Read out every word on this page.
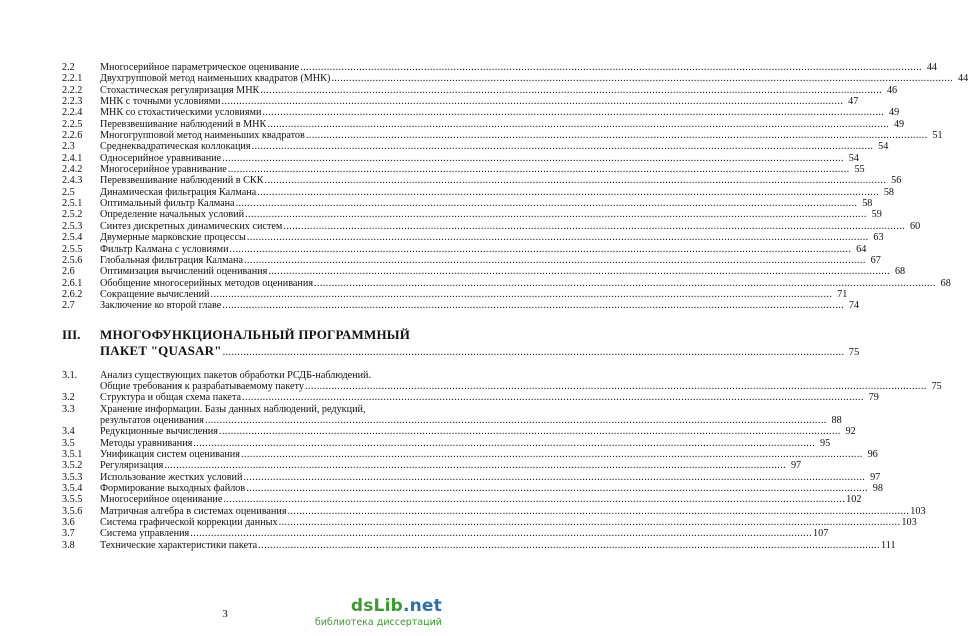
2.2	Многосерийное параметрическое оценивание .....	44
2.2.1	Двухгрупповой метод наименьших квадратов (МНК) .....	44
2.2.2	Стохастическая регуляризация МНК .....	46
2.2.3	МНК с точными условиями .....	47
2.2.4	МНК со стохастическими условиями .....	49
2.2.5	Перевзвешивание наблюдений в МНК .....	49
2.2.6	Многогрупповой метод наименьших квадратов .....	51
2.3	Среднеквадратическая коллокация .....	54
2.4.1	Односерийное уравнивание .....	54
2.4.2	Многосерийное уравнивание .....	55
2.4.3	Перевзвешивание наблюдений в СКК .....	56
2.5	Динамическая фильтрация Калмана .....	58
2.5.1	Оптимальный фильтр Калмана .....	58
2.5.2	Определение начальных условий .....	59
2.5.3	Синтез дискретных динамических систем .....	60
2.5.4	Двумерные марковские процессы .....	63
2.5.5	Фильтр Калмана с условиями .....	64
2.5.6	Глобальная фильтрация Калмана .....	67
2.6	Оптимизация вычислений оценивания .....	68
2.6.1	Обобщение многосерийных методов оценивания .....	68
2.6.2	Сокращение вычислений .....	71
2.7	Заключение ко второй главе .....	74
III.	МНОГОФУНКЦИОНАЛЬНЫЙ ПРОГРАММНЫЙ
ПАКЕТ "QUASAR" .....	75
3.1.	Анализ существующих пакетов обработки РСДБ-наблюдений.
Общие требования к разрабатываемому пакету .....	75
3.2	Структура и общая схема пакета .....	79
3.3	Хранение информации. Базы данных наблюдений, редукций,
результатов оценивания .....	88
3.4	Редукционные вычисления .....	92
3.5	Методы уравнивания .....	95
3.5.1	Унификация систем оценивания .....	96
3.5.2	Регуляризация .....	97
3.5.3	Использование жестких условий .....	97
3.5.4	Формирование выходных файлов .....	98
3.5.5	Многосерийное оценивание .....	102
3.5.6	Матричная алгебра в системах оценивания .....	103
3.6	Система графической коррекции данных .....	103
3.7	Система управления .....	107
3.8	Технические характеристики пакета .....	111
3	dsLib.net
библиотека диссертаций
